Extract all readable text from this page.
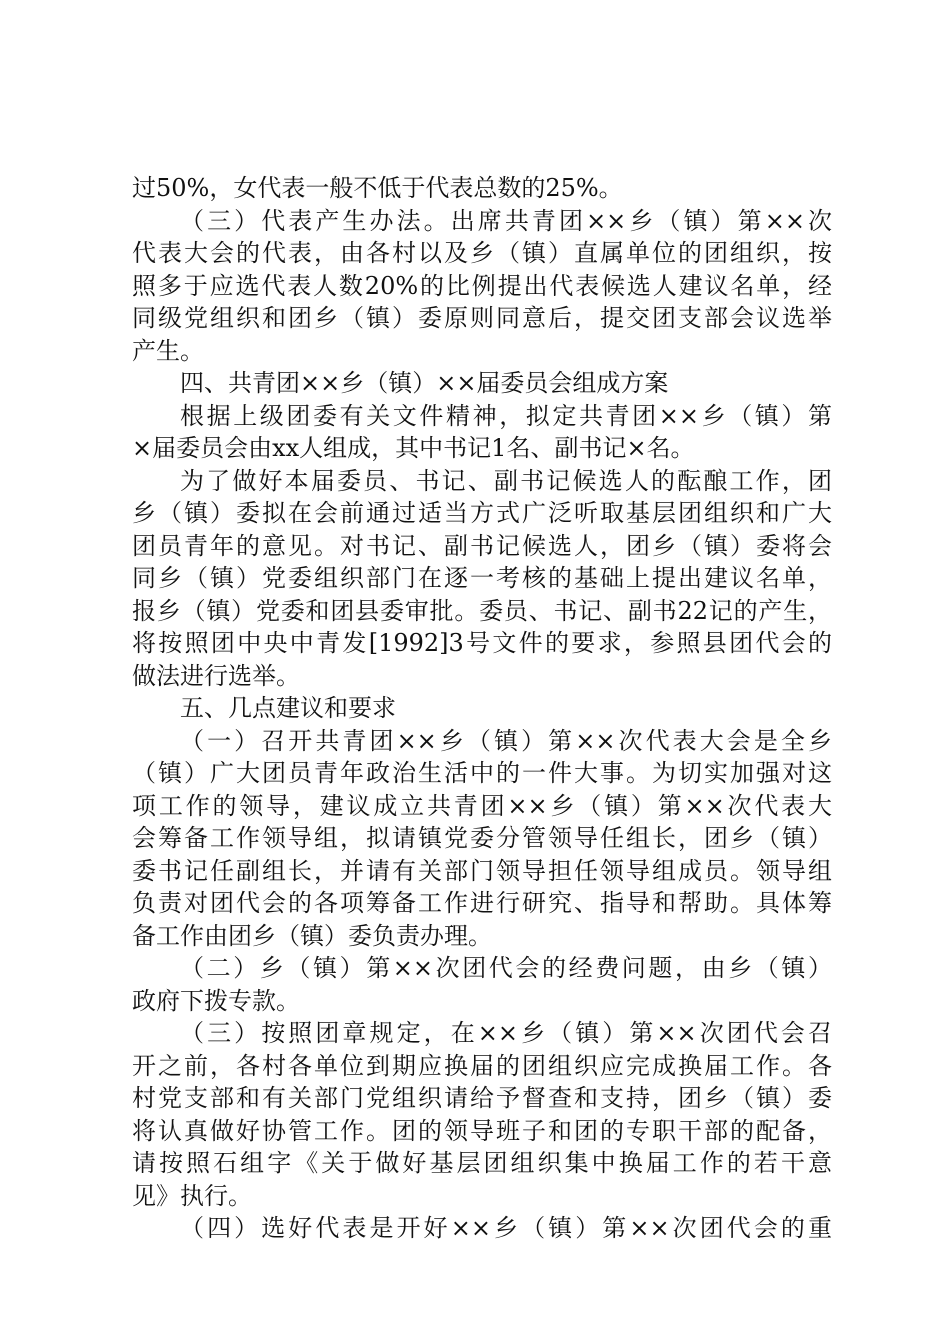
过50%，女代表一般不低于代表总数的25%。
（三）代表产生办法。出席共青团××乡（镇）第××次
代表大会的代表，由各村以及乡（镇）直属单位的团组织，按
照多于应选代表人数20%的比例提出代表候选人建议名单，经
同级党组织和团乡（镇）委原则同意后，提交团支部会议选举
产生。
四、共青团××乡（镇）××届委员会组成方案
根据上级团委有关文件精神，拟定共青团××乡（镇）第
×届委员会由xx人组成，其中书记1名、副书记×名。
为了做好本届委员、书记、副书记候选人的酝酿工作，团
乡（镇）委拟在会前通过适当方式广泛听取基层团组织和广大
团员青年的意见。对书记、副书记候选人，团乡（镇）委将会
同乡（镇）党委组织部门在逐一考核的基础上提出建议名单，
报乡（镇）党委和团县委审批。委员、书记、副书22记的产生，
将按照团中央中青发[1992]3号文件的要求，参照县团代会的
做法进行选举。
五、几点建议和要求
（一）召开共青团××乡（镇）第××次代表大会是全乡
（镇）广大团员青年政治生活中的一件大事。为切实加强对这
项工作的领导，建议成立共青团××乡（镇）第××次代表大
会筹备工作领导组，拟请镇党委分管领导任组长，团乡（镇）
委书记任副组长，并请有关部门领导担任领导组成员。领导组
负责对团代会的各项筹备工作进行研究、指导和帮助。具体筹
备工作由团乡（镇）委负责办理。
（二）乡（镇）第××次团代会的经费问题，由乡（镇）
政府下拨专款。
（三）按照团章规定，在××乡（镇）第××次团代会召
开之前，各村各单位到期应换届的团组织应完成换届工作。各
村党支部和有关部门党组织请给予督查和支持，团乡（镇）委
将认真做好协管工作。团的领导班子和团的专职干部的配备，
请按照石组字《关于做好基层团组织集中换届工作的若干意
见》执行。
（四）选好代表是开好××乡（镇）第××次团代会的重
